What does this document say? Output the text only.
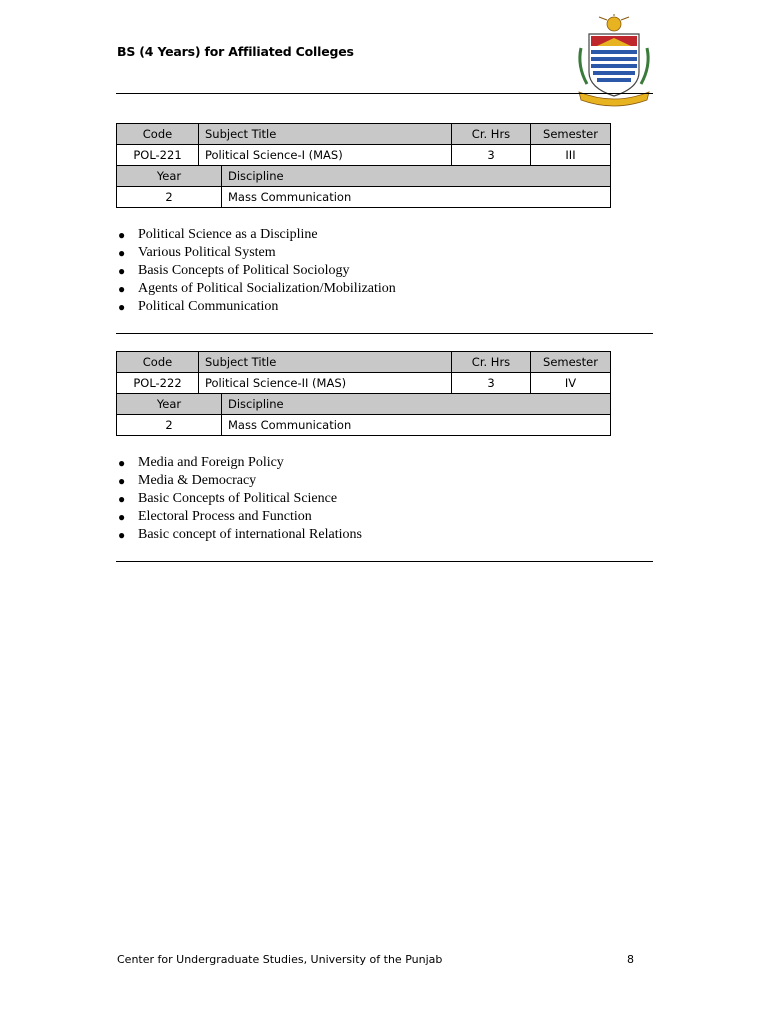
BS (4 Years) for Affiliated Colleges
Code	Subject Title	Cr. Hrs	Semester
POL-221	Political Science-I (MAS)	3	III
Year	Discipline
2	Mass Communication
● Political Science as a Discipline
● Various Political System
● Basis Concepts of Political Sociology
● Agents of Political Socialization/Mobilization
● Political Communication
Code	Subject Title	Cr. Hrs	Semester
POL-222	Political Science-II (MAS)	3	IV
Year	Discipline
2	Mass Communication
● Media and Foreign Policy
● Media & Democracy
● Basic Concepts of Political Science
● Electoral Process and Function
● Basic concept of international Relations
Center for Undergraduate Studies, University of the Punjab	8
